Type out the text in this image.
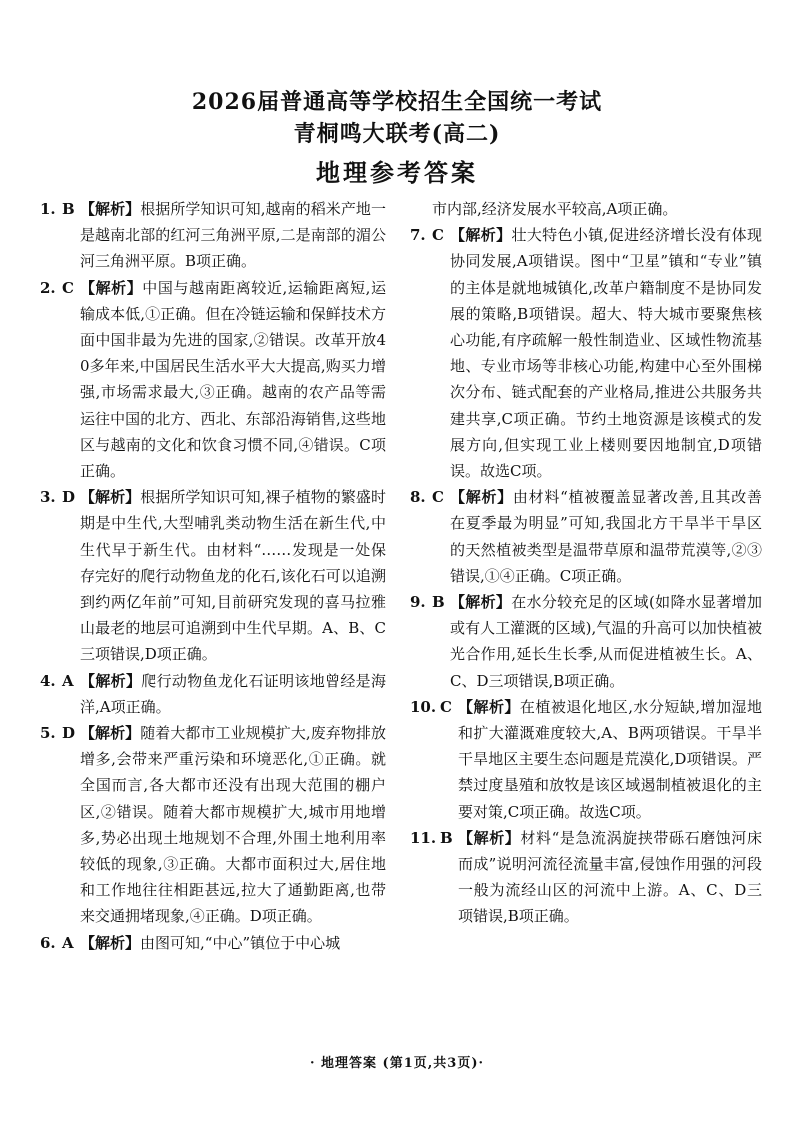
2026届普通高等学校招生全国统一考试
青桐鸣大联考(高二)
地理参考答案
1. B 【解析】根据所学知识可知,越南的稻米产地一是越南北部的红河三角洲平原,二是南部的湄公河三角洲平原。B项正确。
2. C 【解析】中国与越南距离较近,运输距离短,运输成本低,①正确。但在冷链运输和保鲜技术方面中国非最为先进的国家,②错误。改革开放40多年来,中国居民生活水平大大提高,购买力增强,市场需求最大,③正确。越南的农产品等需运往中国的北方、西北、东部沿海销售,这些地区与越南的文化和饮食习惯不同,④错误。C项正确。
3. D 【解析】根据所学知识可知,裸子植物的繁盛时期是中生代,大型哺乳类动物生活在新生代,中生代早于新生代。由材料“……发现是一处保存完好的爬行动物鱼龙的化石,该化石可以追溯到约两亿年前”可知,目前研究发现的喜马拉雅山最老的地层可追溯到中生代早期。A、B、C三项错误,D项正确。
4. A 【解析】爬行动物鱼龙化石证明该地曾经是海洋,A项正确。
5. D 【解析】随着大都市工业规模扩大,废弃物排放增多,会带来严重污染和环境恶化,①正确。就全国而言,各大都市还没有出现大范围的棚户区,②错误。随着大都市规模扩大,城市用地增多,势必出现土地规划不合理,外围土地利用率较低的现象,③正确。大都市面积过大,居住地和工作地往往相距甚远,拉大了通勤距离,也带来交通拥堵现象,④正确。D项正确。
6. A 【解析】由图可知,“中心”镇位于中心城
市内部,经济发展水平较高,A项正确。
7. C 【解析】壮大特色小镇,促进经济增长没有体现协同发展,A项错误。图中“卫星”镇和“专业”镇的主体是就地城镇化,改革户籍制度不是协同发展的策略,B项错误。超大、特大城市要聚焦核心功能,有序疏解一般性制造业、区域性物流基地、专业市场等非核心功能,构建中心至外围梯次分布、链式配套的产业格局,推进公共服务共建共享,C项正确。节约土地资源是该模式的发展方向,但实现工业上楼则要因地制宜,D项错误。故选C项。
8. C 【解析】由材料“植被覆盖显著改善,且其改善在夏季最为明显”可知,我国北方干旱半干旱区的天然植被类型是温带草原和温带荒漠等,②③错误,①④正确。C项正确。
9. B 【解析】在水分较充足的区域(如降水显著增加或有人工灌溉的区域),气温的升高可以加快植被光合作用,延长生长季,从而促进植被生长。A、C、D三项错误,B项正确。
10. C 【解析】在植被退化地区,水分短缺,增加湿地和扩大灌溉难度较大,A、B两项错误。干旱半干旱地区主要生态问题是荒漠化,D项错误。严禁过度垦殖和放牧是该区域遏制植被退化的主要对策,C项正确。故选C项。
11. B 【解析】材料“是急流涡旋挟带砾石磨蚀河床而成”说明河流径流量丰富,侵蚀作用强的河段一般为流经山区的河流中上游。A、C、D三项错误,B项正确。
· 地理答案 (第1页,共3页)·
